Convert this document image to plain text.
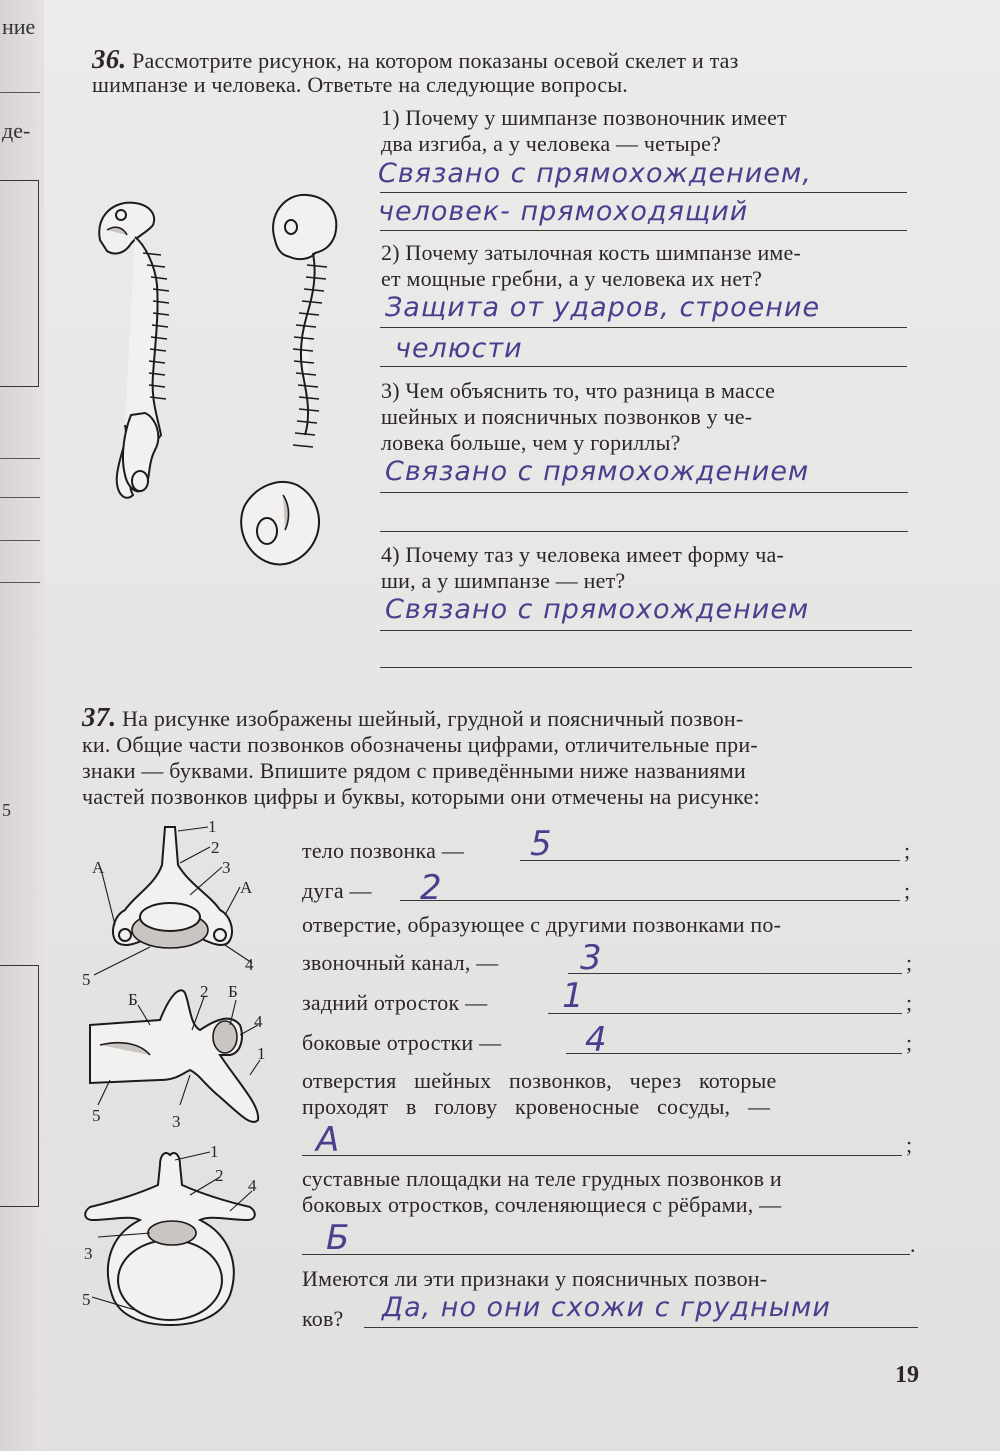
ние
де-
5
36. Рассмотрите рисунок, на котором показаны осевой скелет и таз
шимпанзе и человека. Ответьте на следующие вопросы.
1) Почему у шимпанзе позвоночник имеет
два изгиба, а у человека — четыре?
Связано с прямохождением,
человек- прямоходящий
2) Почему затылочная кость шимпанзе име-
ет мощные гребни, а у человека их нет?
Защита от ударов, строение
челюсти
3) Чем объяснить то, что разница в массе
шейных и поясничных позвонков у че-
ловека больше, чем у гориллы?
Связано с прямохождением
4) Почему таз у человека имеет форму ча-
ши, а у шимпанзе — нет?
Связано с прямохождением
37. На рисунке изображены шейный, грудной и поясничный позвон-
ки. Общие части позвонков обозначены цифрами, отличительные при-
знаки — буквами. Впишите рядом с приведёнными ниже названиями
частей позвонков цифры и буквы, которыми они отмечены на рисунке:
1
2
3
А
А
4
5
Б	2 Б
4
1
5	3
1
2
4
3
5
тело позвонка — 5	;
дуга — 2	;
отверстие, образующее с другими позвонками по-
звоночный канал, — 3	;
задний отросток — 1	;
боковые отростки — 4	;
отверстия шейных позвонков, через которые
проходят в голову кровеносные сосуды, —
А	;
суставные площадки на теле грудных позвонков и
боковых отростков, сочленяющиеся с рёбрами, —
Б	.
Имеются ли эти признаки у поясничных позвон-
ков? Да, но они схожи с грудными
19
